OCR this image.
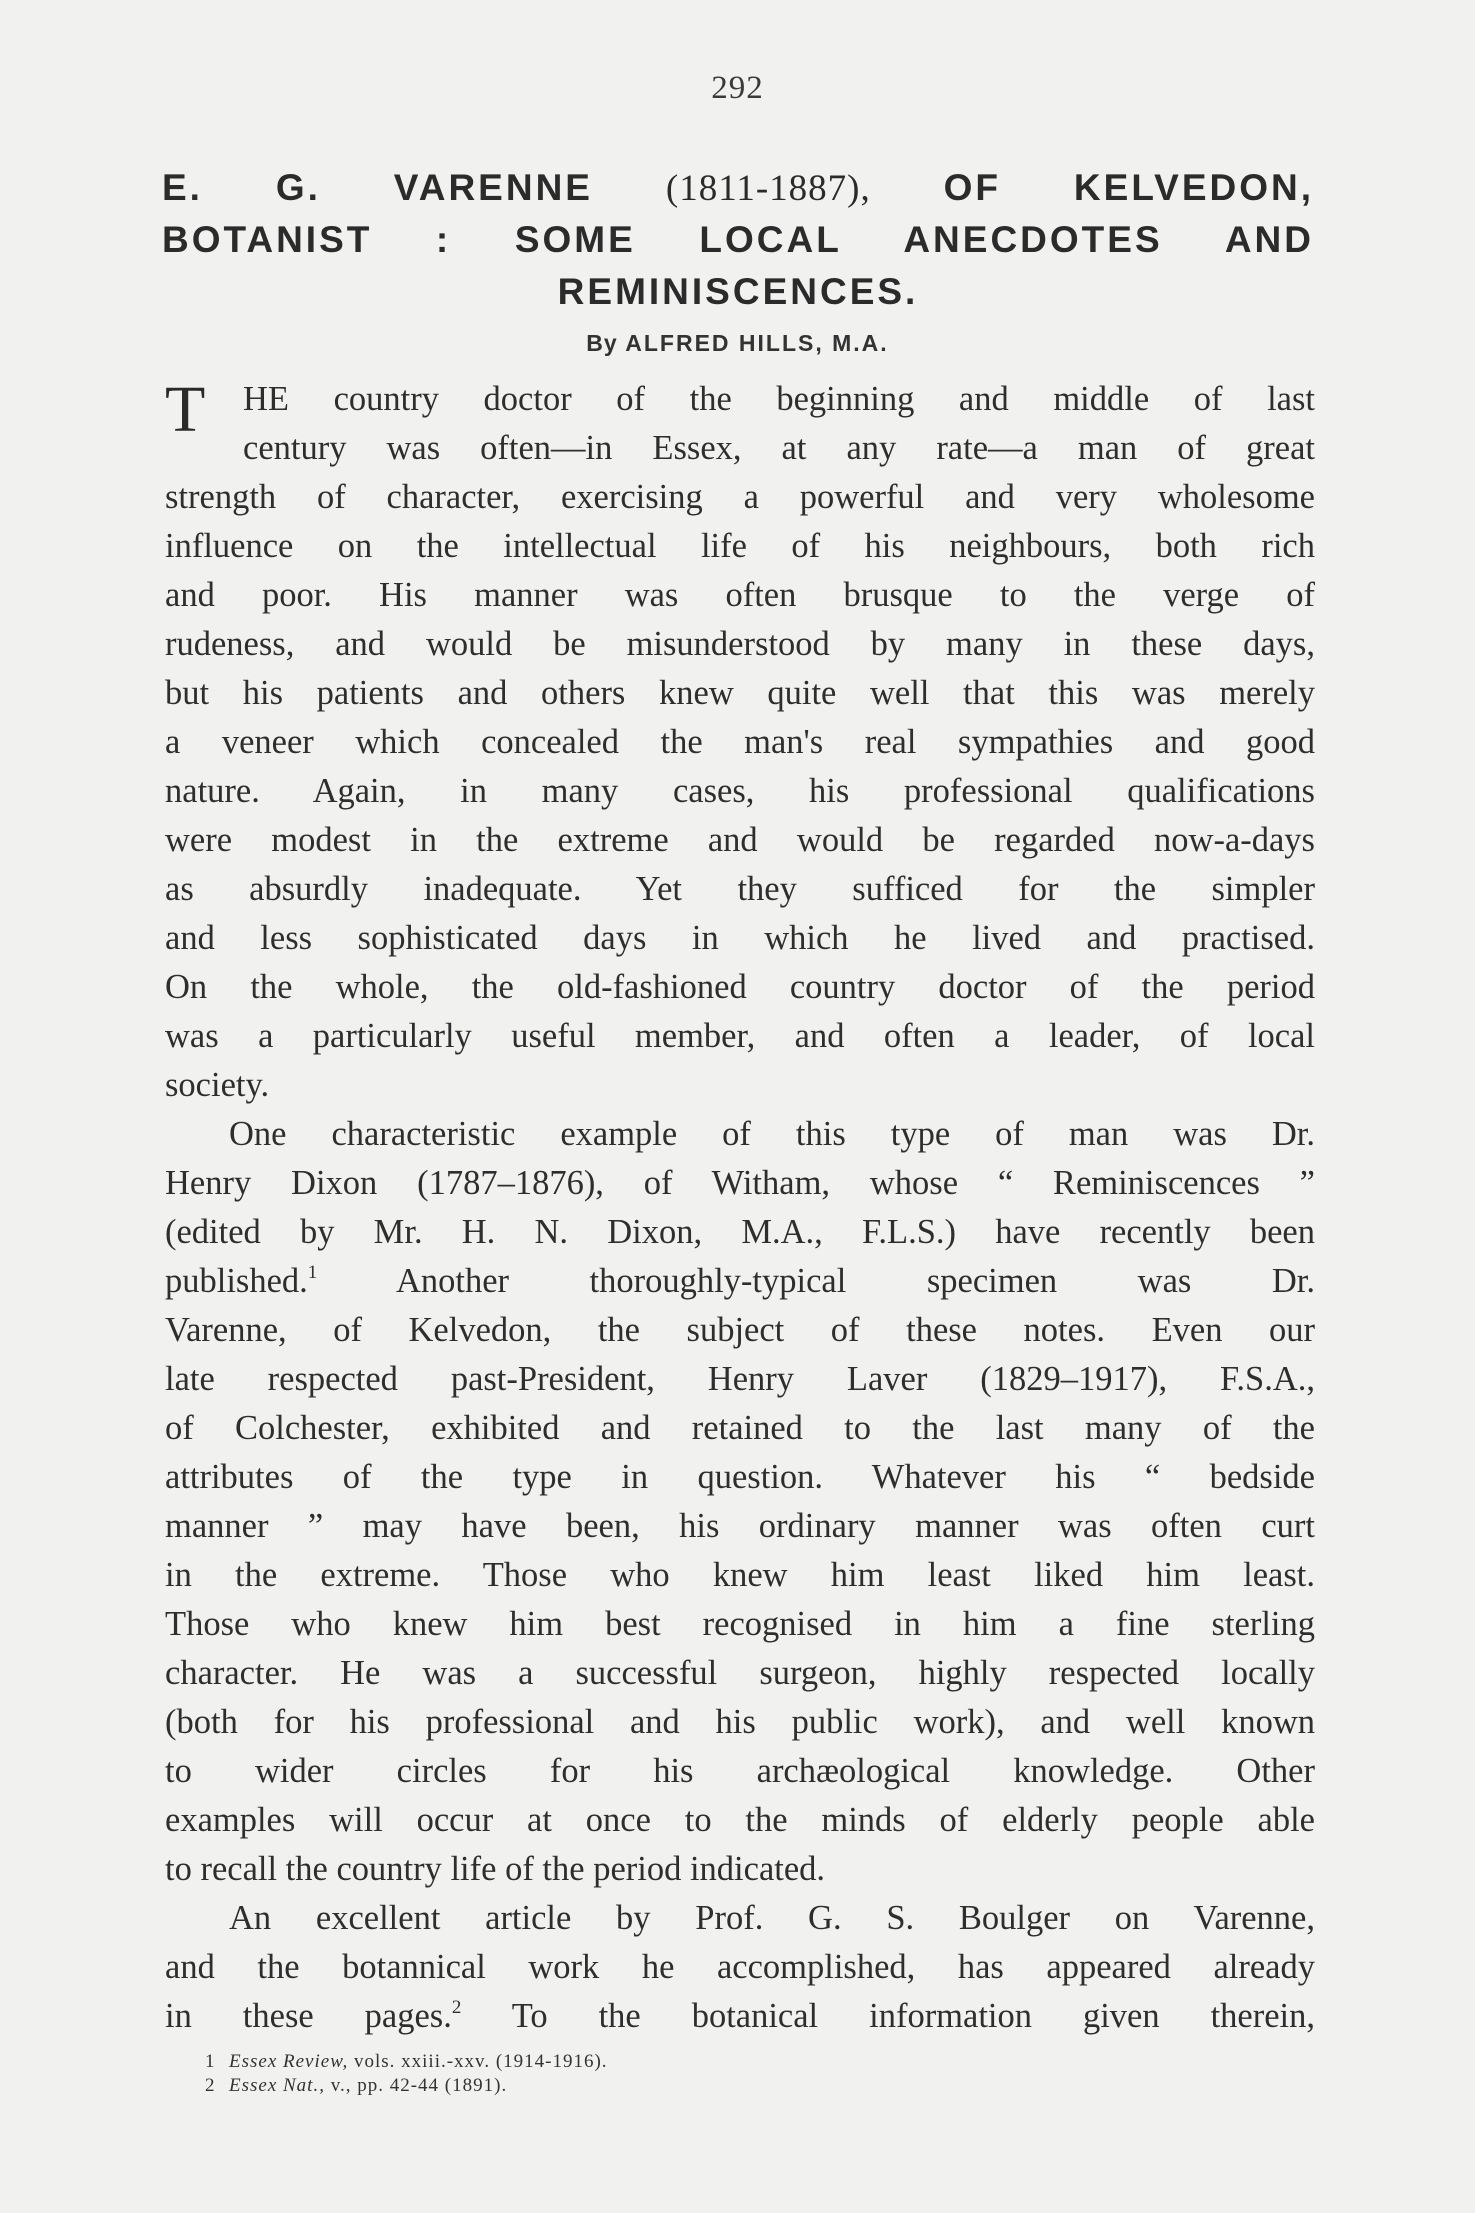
292
E. G. VARENNE (1811-1887), OF KELVEDON,
BOTANIST : SOME LOCAL ANECDOTES AND
REMINISCENCES.
By ALFRED HILLS, M.A.
T	HE country doctor of the beginning and middle of last
century was often—in Essex, at any rate—a man of great
strength of character, exercising a powerful and very wholesome
influence on the intellectual life of his neighbours, both rich
and poor. His manner was often brusque to the verge of
rudeness, and would be misunderstood by many in these days,
but his patients and others knew quite well that this was merely
a veneer which concealed the man's real sympathies and good
nature. Again, in many cases, his professional qualifications
were modest in the extreme and would be regarded now-a-days
as absurdly inadequate. Yet they sufficed for the simpler
and less sophisticated days in which he lived and practised.
On the whole, the old-fashioned country doctor of the period
was a particularly useful member, and often a leader, of local
society.
One characteristic example of this type of man was Dr.
Henry Dixon (1787–1876), of Witham, whose “ Reminiscences ”
(edited by Mr. H. N. Dixon, M.A., F.L.S.) have recently been
published.$^1$ Another thoroughly-typical specimen was Dr.
Varenne, of Kelvedon, the subject of these notes. Even our
late respected past-President, Henry Laver (1829–1917), F.S.A.,
of Colchester, exhibited and retained to the last many of the
attributes of the type in question. Whatever his “ bedside
manner ” may have been, his ordinary manner was often curt
in the extreme. Those who knew him least liked him least.
Those who knew him best recognised in him a fine sterling
character. He was a successful surgeon, highly respected locally
(both for his professional and his public work), and well known
to wider circles for his archæological knowledge. Other
examples will occur at once to the minds of elderly people able
to recall the country life of the period indicated.
An excellent article by Prof. G. S. Boulger on Varenne,
and the botannical work he accomplished, has appeared already
in these pages.$^2$ To the botanical information given therein,
1 Essex Review, vols. xxiii.-xxv. (1914-1916).
2 Essex Nat., v., pp. 42-44 (1891).
